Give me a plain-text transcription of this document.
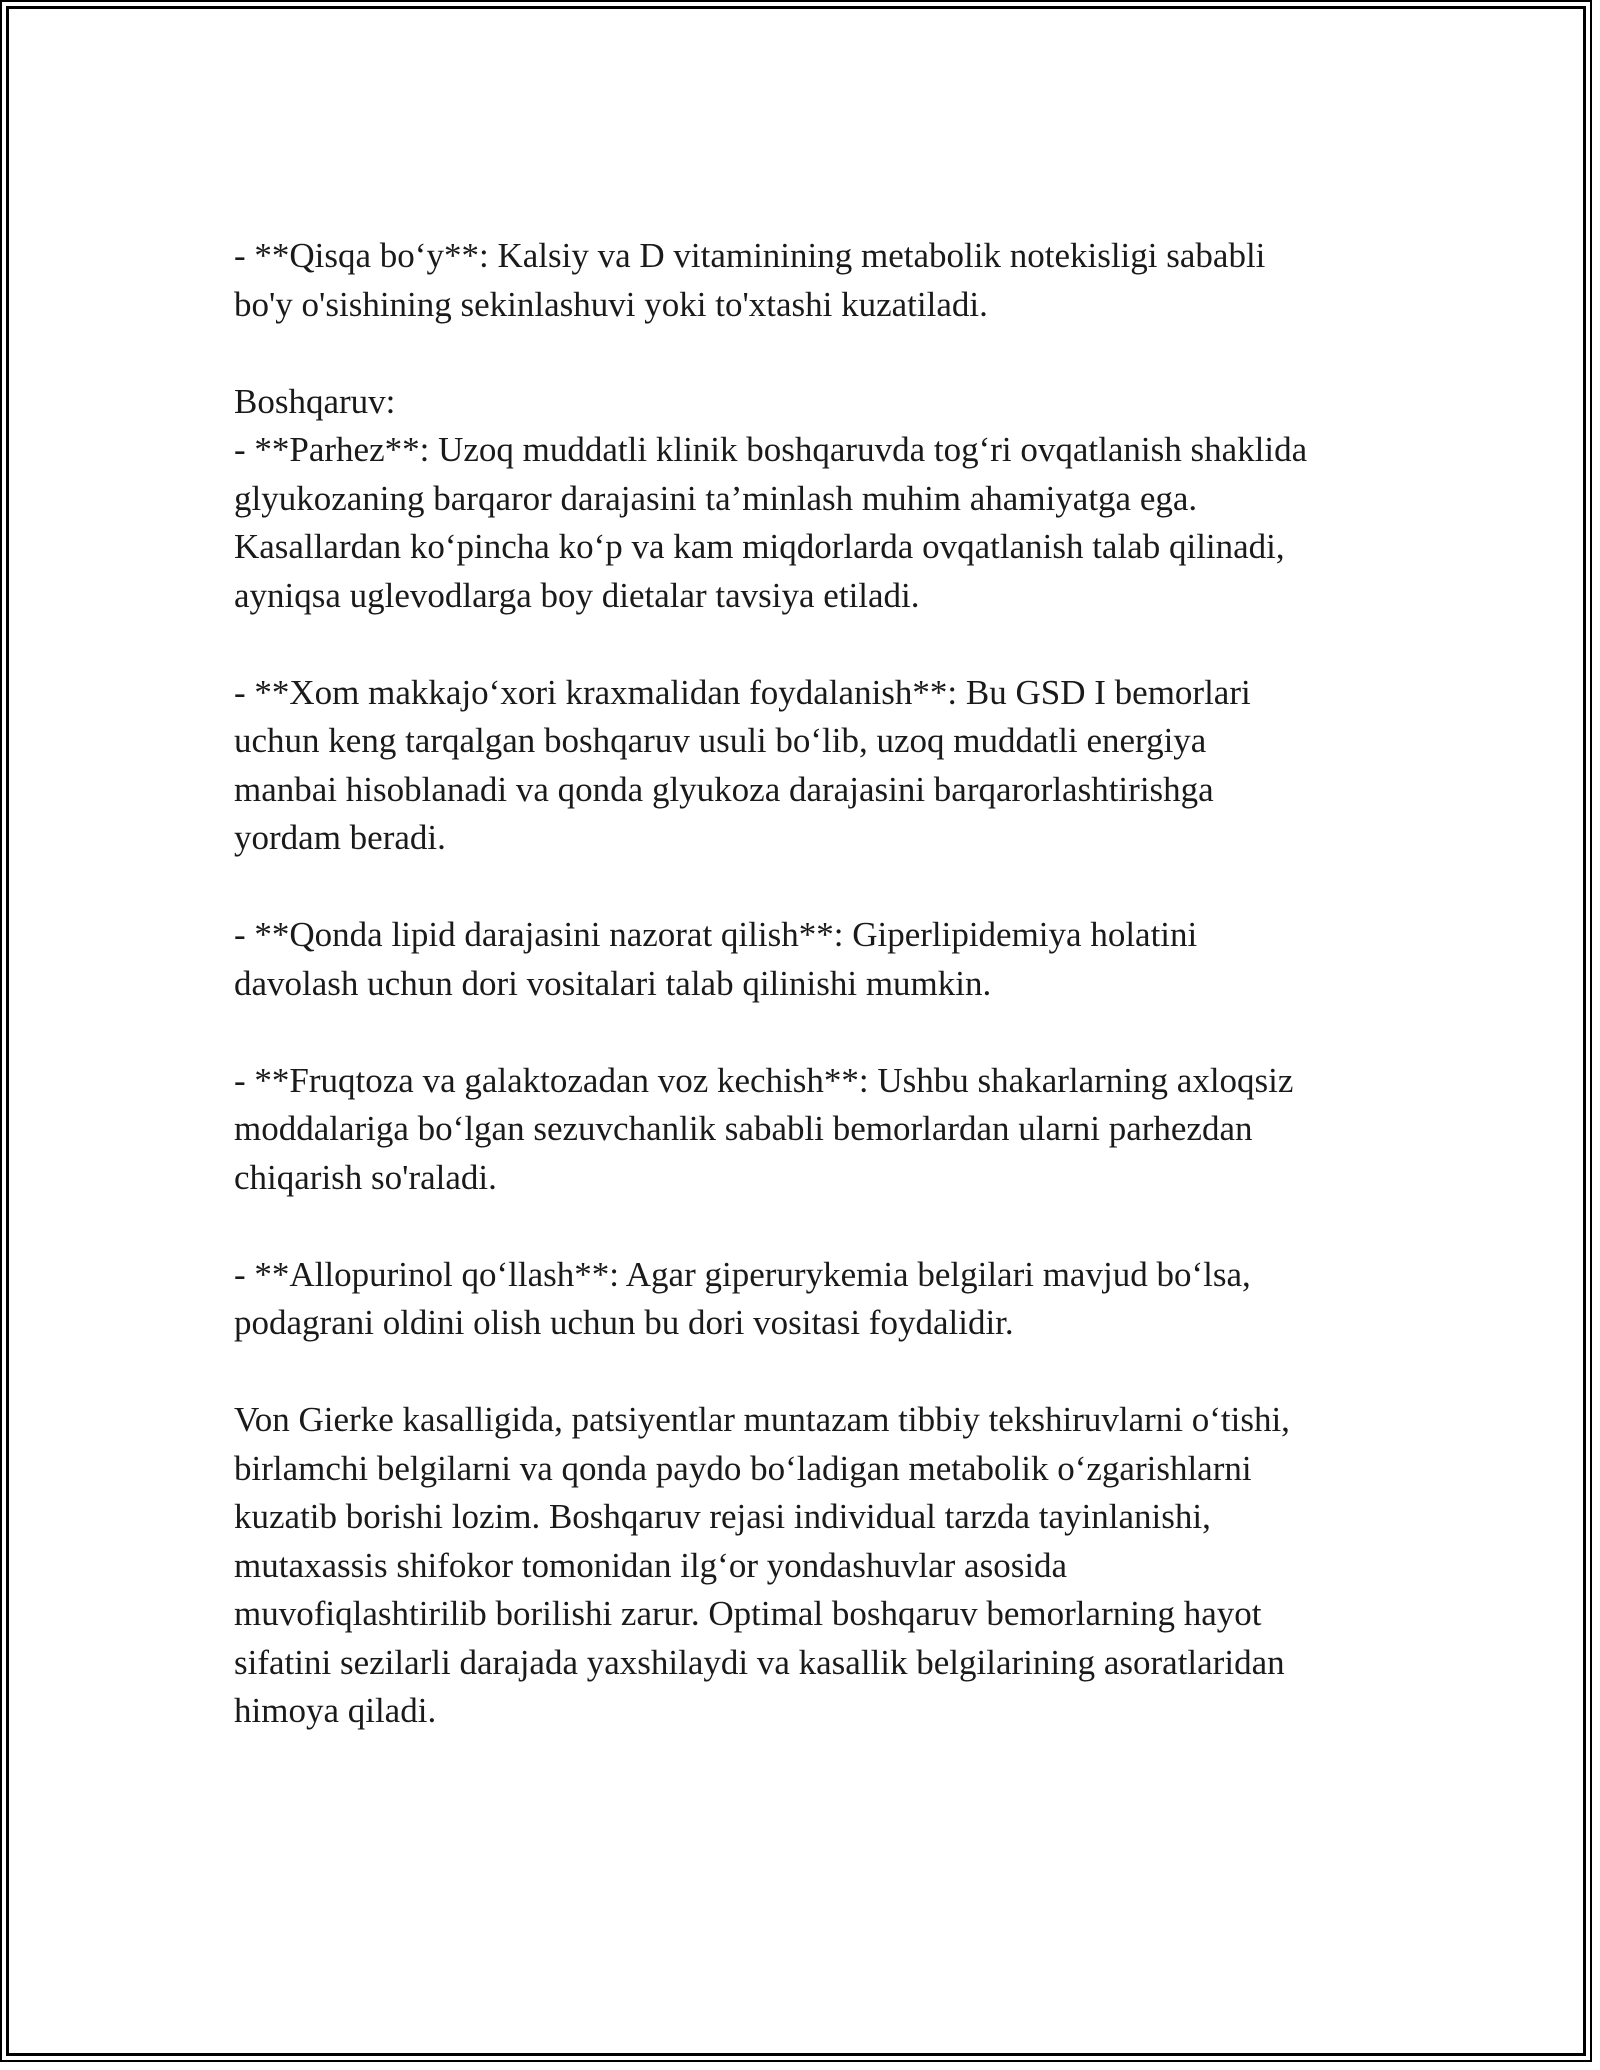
- **Qisqa bo‘y**: Kalsiy va D vitaminining metabolik notekisligi sababli
bo'y o'sishining sekinlashuvi yoki to'xtashi kuzatiladi.

Boshqaruv:

- **Parhez**: Uzoq muddatli klinik boshqaruvda tog‘ri ovqatlanish shaklida
glyukozaning barqaror darajasini ta’minlash muhim ahamiyatga ega.
Kasallardan ko‘pincha ko‘p va kam miqdorlarda ovqatlanish talab qilinadi,
ayniqsa uglevodlarga boy dietalar tavsiya etiladi.

- **Xom makkajo‘xori kraxmalidan foydalanish**: Bu GSD I bemorlari
uchun keng tarqalgan boshqaruv usuli bo‘lib, uzoq muddatli energiya
manbai hisoblanadi va qonda glyukoza darajasini barqarorlashtirishga
yordam beradi.

- **Qonda lipid darajasini nazorat qilish**: Giperlipidemiya holatini
davolash uchun dori vositalari talab qilinishi mumkin.

- **Fruqtoza va galaktozadan voz kechish**: Ushbu shakarlarning axloqsiz
moddalariga bo‘lgan sezuvchanlik sababli bemorlardan ularni parhezdan
chiqarish so'raladi.

- **Allopurinol qo‘llash**: Agar giperurykemia belgilari mavjud bo‘lsa,
podagrani oldini olish uchun bu dori vositasi foydalidir.

Von Gierke kasalligida, patsiyentlar muntazam tibbiy tekshiruvlarni o‘tishi,
birlamchi belgilarni va qonda paydo bo‘ladigan metabolik o‘zgarishlarni
kuzatib borishi lozim. Boshqaruv rejasi individual tarzda tayinlanishi,
mutaxassis shifokor tomonidan ilg‘or yondashuvlar asosida
muvofiqlashtirilib borilishi zarur. Optimal boshqaruv bemorlarning hayot
sifatini sezilarli darajada yaxshilaydi va kasallik belgilarining asoratlaridan
himoya qiladi.
